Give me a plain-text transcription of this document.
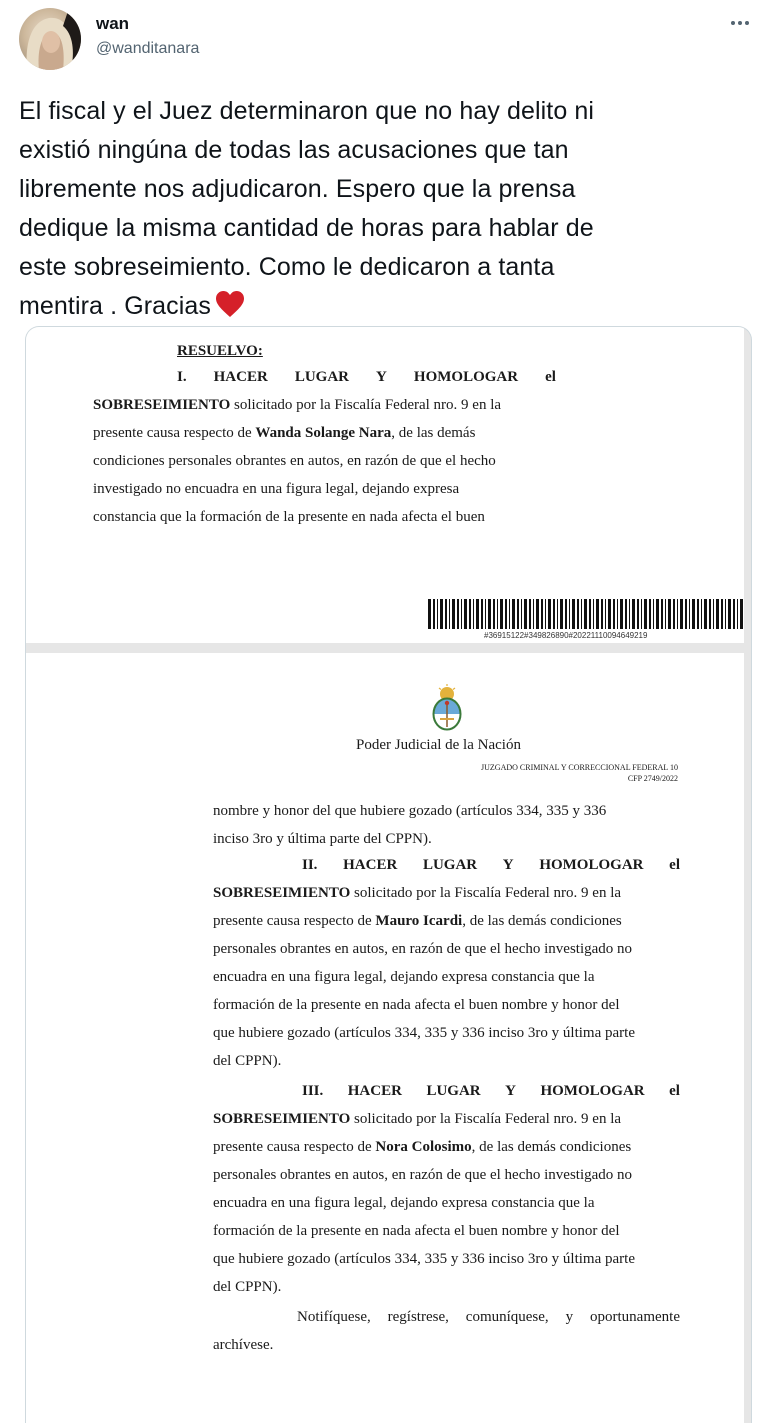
wan
@wanditanara
El fiscal y el Juez determinaron que no hay delito ni
existió ningúna de todas las acusaciones que tan
libremente nos adjudicaron. Espero que la prensa
dedique la misma cantidad de horas para hablar de
este sobreseimiento. Como le dedicaron a tanta
mentira . Gracias
RESUELVO:
I. HACER LUGAR Y HOMOLOGAR el
SOBRESEIMIENTO solicitado por la Fiscalía Federal nro. 9 en la
presente causa respecto de Wanda Solange Nara, de las demás
condiciones personales obrantes en autos, en razón de que el hecho
investigado no encuadra en una figura legal, dejando expresa
constancia que la formación de la presente en nada afecta el buen
#36915122#349826890#20221110094649219
Poder Judicial de la Nación
JUZGADO CRIMINAL Y CORRECCIONAL FEDERAL 10
CFP 2749/2022
nombre y honor del que hubiere gozado (artículos 334, 335 y 336
inciso 3ro y última parte del CPPN).
II. HACER LUGAR Y HOMOLOGAR el
SOBRESEIMIENTO solicitado por la Fiscalía Federal nro. 9 en la
presente causa respecto de Mauro Icardi, de las demás condiciones
personales obrantes en autos, en razón de que el hecho investigado no
encuadra en una figura legal, dejando expresa constancia que la
formación de la presente en nada afecta el buen nombre y honor del
que hubiere gozado (artículos 334, 335 y 336 inciso 3ro y última parte
del CPPN).
III. HACER LUGAR Y HOMOLOGAR el
SOBRESEIMIENTO solicitado por la Fiscalía Federal nro. 9 en la
presente causa respecto de Nora Colosimo, de las demás condiciones
personales obrantes en autos, en razón de que el hecho investigado no
encuadra en una figura legal, dejando expresa constancia que la
formación de la presente en nada afecta el buen nombre y honor del
que hubiere gozado (artículos 334, 335 y 336 inciso 3ro y última parte
del CPPN).
Notifíquese, regístrese, comuníquese, y oportunamente
archívese.
